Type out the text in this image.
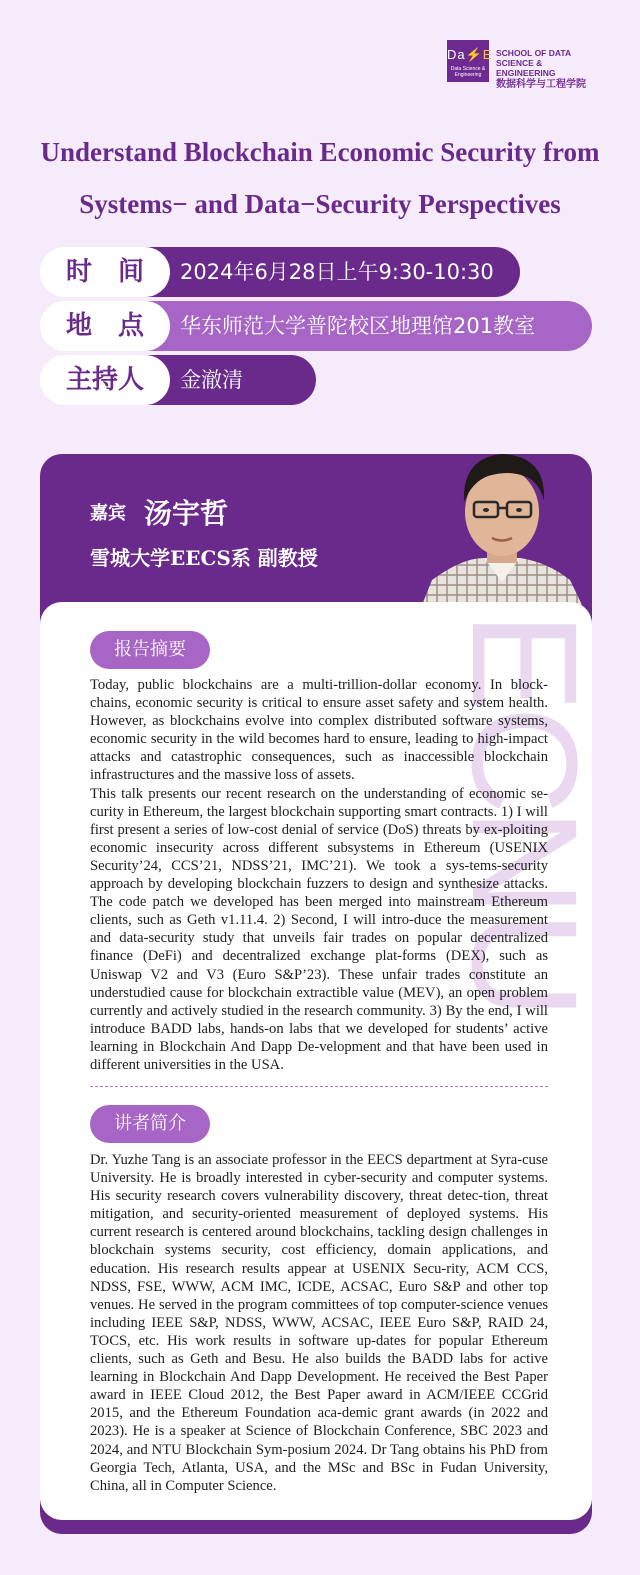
Da⚡E
Data Science & Engineering
SCHOOL OF DATA
SCIENCE & ENGINEERING
数据科学与工程学院
Understand Blockchain Economic Security from
Systems− and Data−Security Perspectives
2024年6月28日上午9:30-10:30
时　间
华东师范大学普陀校区地理馆201教室
地　点
金澈清
主持人
嘉宾 汤宇哲
雪城大学EECS系 副教授
ECNU
报告摘要

Today, public blockchains are a multi-trillion-dollar economy. In block-chains, economic security is critical to ensure asset safety and system health. However, as blockchains evolve into complex distributed software systems, economic security in the wild becomes hard to ensure, leading to high-impact attacks and catastrophic consequences, such as inaccessible blockchain infrastructures and the massive loss of assets.

This talk presents our recent research on the understanding of economic se-curity in Ethereum, the largest blockchain supporting smart contracts. 1) I will first present a series of low-cost denial of service (DoS) threats by ex-ploiting economic insecurity across different subsystems in Ethereum (USENIX Security’24, CCS’21, NDSS’21, IMC’21). We took a sys-tems-security approach by developing blockchain fuzzers to design and synthesize attacks. The code patch we developed has been merged into mainstream Ethereum clients, such as Geth v1.11.4. 2) Second, I will intro-duce the measurement and data-security study that unveils fair trades on popular decentralized finance (DeFi) and decentralized exchange plat-forms (DEX), such as Uniswap V2 and V3 (Euro S&P’23). These unfair trades constitute an understudied cause for blockchain extractible value (MEV), an open problem currently and actively studied in the research community. 3) By the end, I will introduce BADD labs, hands-on labs that we developed for students’ active learning in Blockchain And Dapp De-velopment and that have been used in different universities in the USA.

讲者简介

Dr. Yuzhe Tang is an associate professor in the EECS department at Syra-cuse University. He is broadly interested in cyber-security and computer systems. His security research covers vulnerability discovery, threat detec-tion, threat mitigation, and security-oriented measurement of deployed systems. His current research is centered around blockchains, tackling design challenges in blockchain systems security, cost efficiency, domain applications, and education. His research results appear at USENIX Secu-rity, ACM CCS, NDSS, FSE, WWW, ACM IMC, ICDE, ACSAC, Euro S&P and other top venues. He served in the program committees of top computer-science venues including IEEE S&P, NDSS, WWW, ACSAC, IEEE Euro S&P, RAID 24, TOCS, etc. His work results in software up-dates for popular Ethereum clients, such as Geth and Besu. He also builds the BADD labs for active learning in Blockchain And Dapp Development. He received the Best Paper award in IEEE Cloud 2012, the Best Paper award in ACM/IEEE CCGrid 2015, and the Ethereum Foundation aca-demic grant awards (in 2022 and 2023). He is a speaker at Science of Blockchain Conference, SBC 2023 and 2024, and NTU Blockchain Sym-posium 2024. Dr Tang obtains his PhD from Georgia Tech, Atlanta, USA, and the MSc and BSc in Fudan University, China, all in Computer Science.
